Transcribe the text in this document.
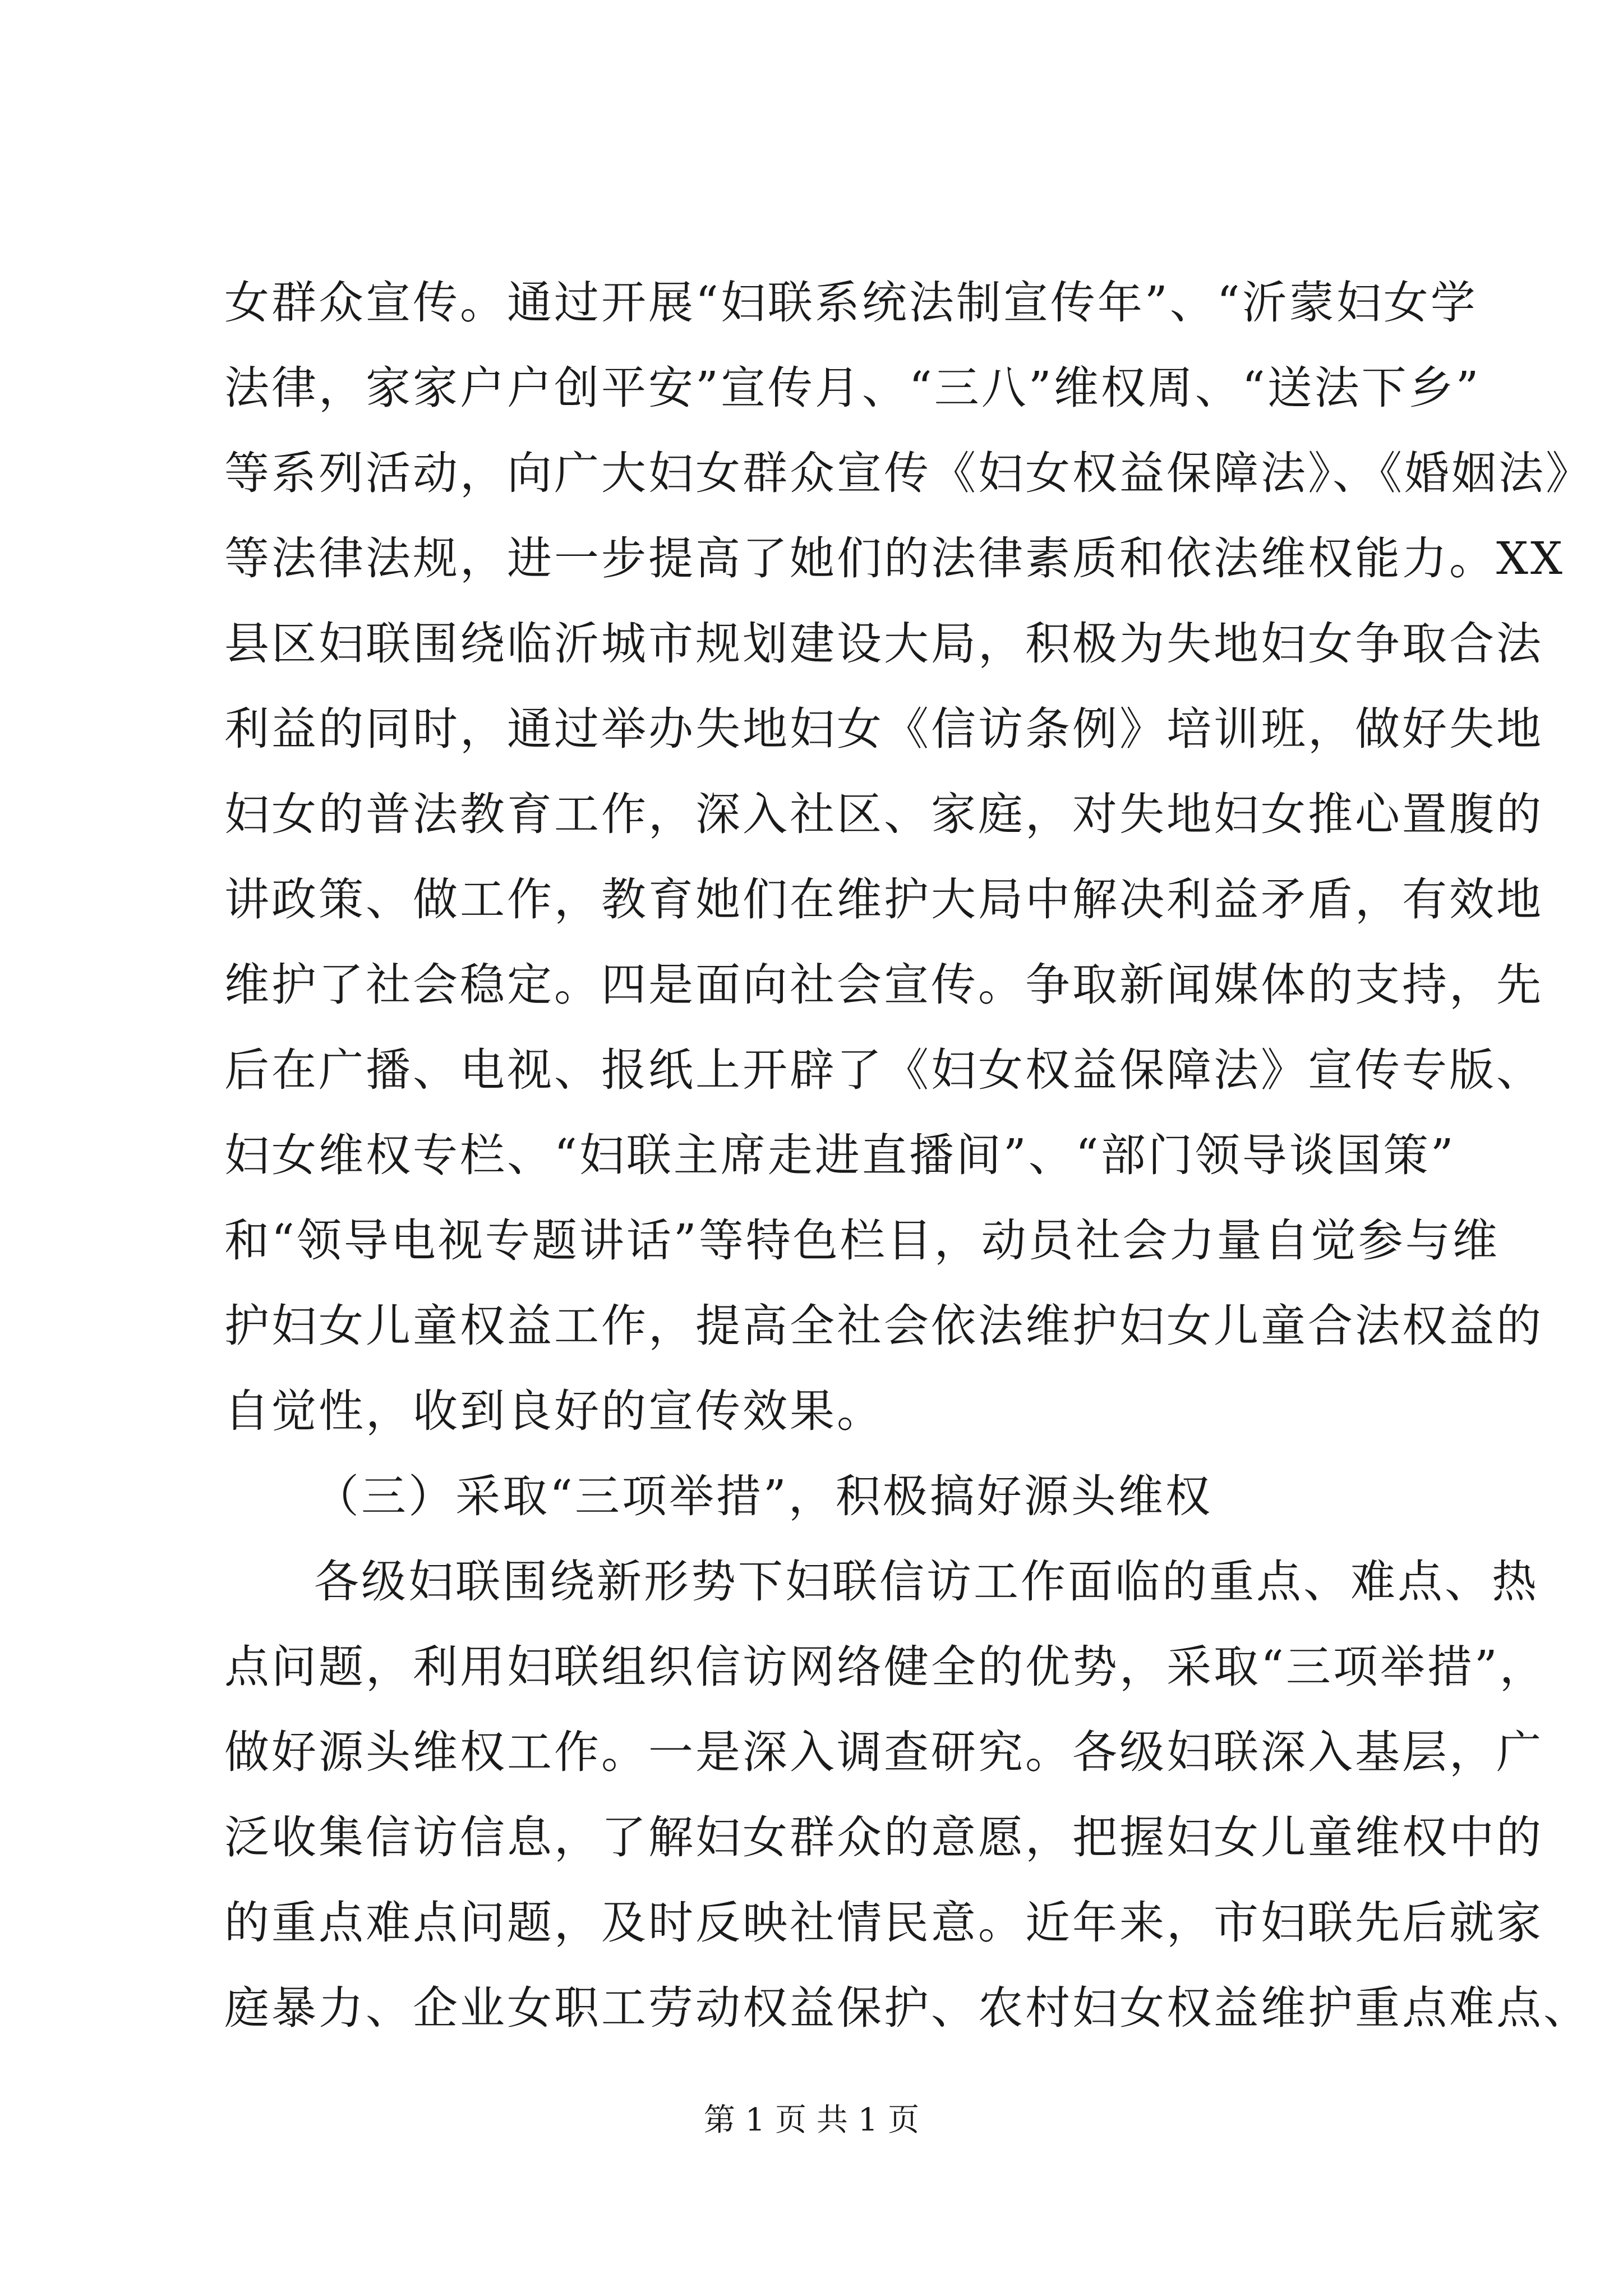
女群众宣传。通过开展“妇联系统法制宣传年”、“沂蒙妇女学
法律，家家户户创平安”宣传月、“三八”维权周、“送法下乡”
等系列活动，向广大妇女群众宣传《妇女权益保障法》、《婚姻法》
等法律法规，进一步提高了她们的法律素质和依法维权能力。XX
县区妇联围绕临沂城市规划建设大局，积极为失地妇女争取合法
利益的同时，通过举办失地妇女《信访条例》培训班，做好失地
妇女的普法教育工作，深入社区、家庭，对失地妇女推心置腹的
讲政策、做工作，教育她们在维护大局中解决利益矛盾，有效地
维护了社会稳定。四是面向社会宣传。争取新闻媒体的支持，先
后在广播、电视、报纸上开辟了《妇女权益保障法》宣传专版、
妇女维权专栏、“妇联主席走进直播间”、“部门领导谈国策”
和“领导电视专题讲话”等特色栏目，动员社会力量自觉参与维
护妇女儿童权益工作，提高全社会依法维护妇女儿童合法权益的
自觉性，收到良好的宣传效果。
（三）采取“三项举措”，积极搞好源头维权
各级妇联围绕新形势下妇联信访工作面临的重点、难点、热
点问题，利用妇联组织信访网络健全的优势，采取“三项举措”，
做好源头维权工作。一是深入调查研究。各级妇联深入基层，广
泛收集信访信息，了解妇女群众的意愿，把握妇女儿童维权中的
的重点难点问题，及时反映社情民意。近年来，市妇联先后就家
庭暴力、企业女职工劳动权益保护、农村妇女权益维护重点难点、
第 1 页 共 1 页
